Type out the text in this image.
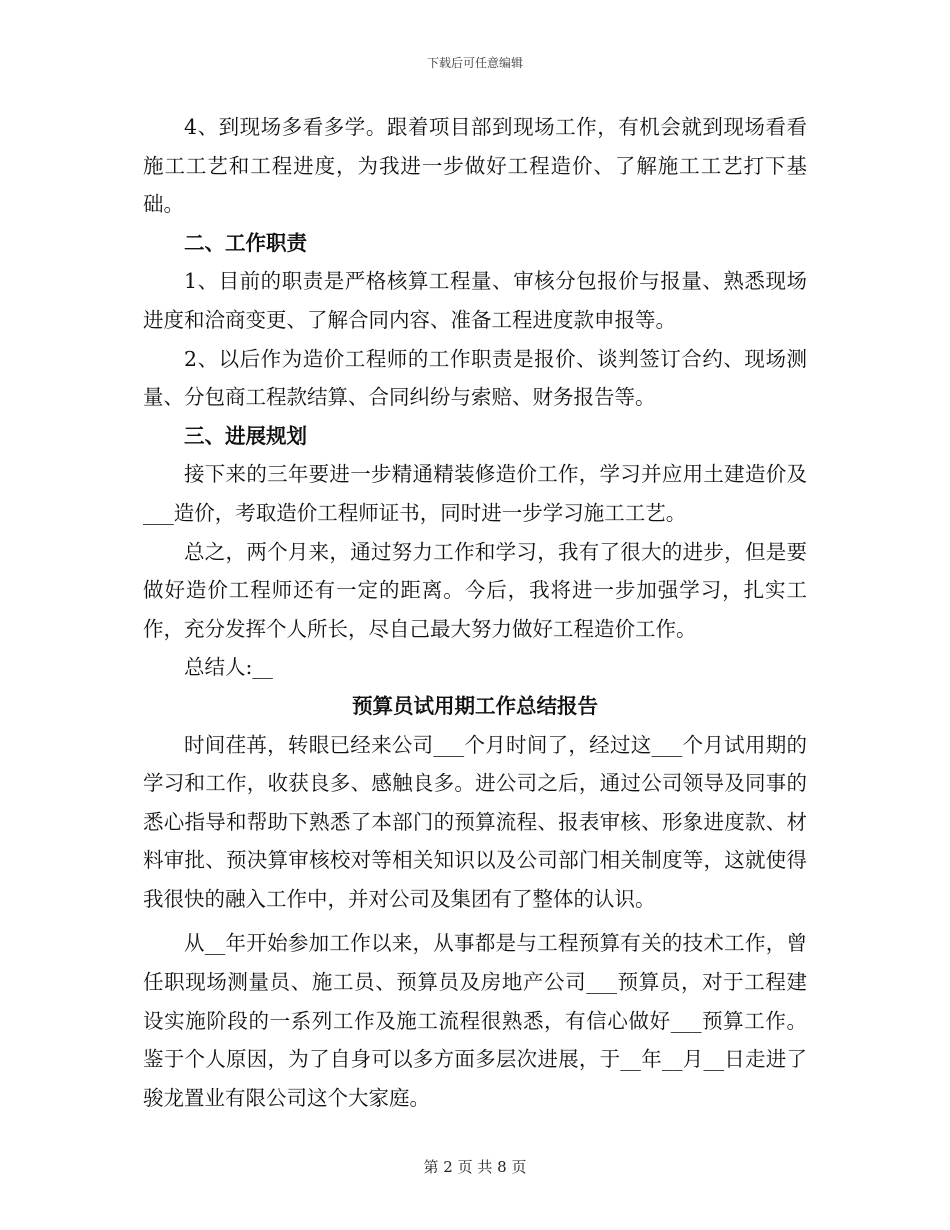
下载后可任意编辑

4、到现场多看多学。跟着项目部到现场工作，有机会就到现场看看施工工艺和工程进度，为我进一步做好工程造价、了解施工工艺打下基础。

二、工作职责

1、目前的职责是严格核算工程量、审核分包报价与报量、熟悉现场进度和洽商变更、了解合同内容、准备工程进度款申报等。

2、以后作为造价工程师的工作职责是报价、谈判签订合约、现场测量、分包商工程款结算、合同纠纷与索赔、财务报告等。

三、进展规划

接下来的三年要进一步精通精装修造价工作，学习并应用土建造价及___造价，考取造价工程师证书，同时进一步学习施工工艺。

总之，两个月来，通过努力工作和学习，我有了很大的进步，但是要做好造价工程师还有一定的距离。今后，我将进一步加强学习，扎实工作，充分发挥个人所长，尽自己最大努力做好工程造价工作。

总结人:__

预算员试用期工作总结报告

时间荏苒，转眼已经来公司___个月时间了，经过这___个月试用期的学习和工作，收获良多、感触良多。进公司之后，通过公司领导及同事的悉心指导和帮助下熟悉了本部门的预算流程、报表审核、形象进度款、材料审批、预决算审核校对等相关知识以及公司部门相关制度等，这就使得我很快的融入工作中，并对公司及集团有了整体的认识。

从__年开始参加工作以来，从事都是与工程预算有关的技术工作，曾任职现场测量员、施工员、预算员及房地产公司___预算员，对于工程建设实施阶段的一系列工作及施工流程很熟悉，有信心做好___预算工作。鉴于个人原因，为了自身可以多方面多层次进展，于__年__月__日走进了骏龙置业有限公司这个大家庭。

第 2 页 共 8 页
